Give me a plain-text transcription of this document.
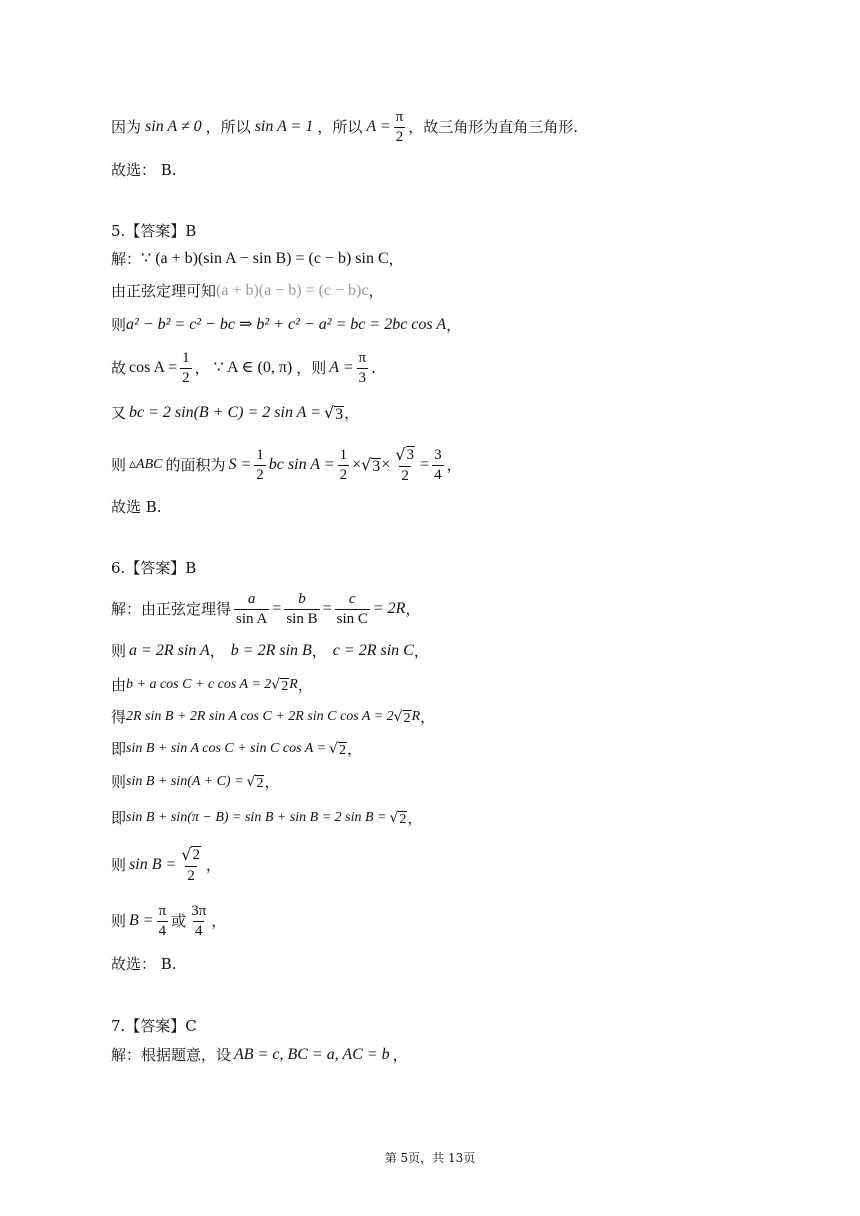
因为 sin A ≠ 0 ，所以 sin A = 1 ，所以 $A = \frac{\pi}{2}$ ，故三角形为直角三角形.
故选： B.
5.【答案】B
解： ∵ (a + b)(sin A − sin B) = (c − b) sin C ，
由正弦定理可知 (a + b)(a − b) = (c − b)c ，
则 a² − b² = c² − bc ⇒ b² + c² − a² = bc = 2bc cos A ，
故 $\cos A = \frac{1}{2}$ ， ∵ A ∈ (0, π) ，则 $A = \frac{\pi}{3}$ .
又 bc = 2 sin(B + C) = 2 sin A = √ 3 ，
则 ▵ABC 的面积为 $S = \frac{1}{2}$ bc $\sin A = \frac{1}{2}$ × √ $3 \times \frac{√ 3}{2} = \frac{3}{4}$ ，
故选 B.
6.【答案】B
解：由正弦定理得 $\frac{a}{\text{sin A}} = \frac{b}{\text{sin B}} = \frac{c}{\text{sin C}} = 2R$ ，
则 a = 2R sin A ， b = 2R sin B ， c = 2R sin C ，
由 b + a cos C + c cos A = 2 √ 2 R ，
得 2R sin B + 2R sin A cos C + 2R sin C cos A = 2 √ 2 R ，
即 sin B + sin A cos C + sin C cos A = √ 2 ，
则 sin B + sin(A + C) = √ 2 ，
即 sin B + sin(π − B) = sin B + sin B = 2 sin B = √ 2 ，
则 $\sin B = \frac{√ 2}{2}$ ，
则 $B = \frac{\pi}{4}$ 或 $\frac{3\pi}{4}$ ，
故选： B.
7.【答案】C
解：根据题意，设 AB = c, BC = a, AC = b ，
第 5页，共 13页
